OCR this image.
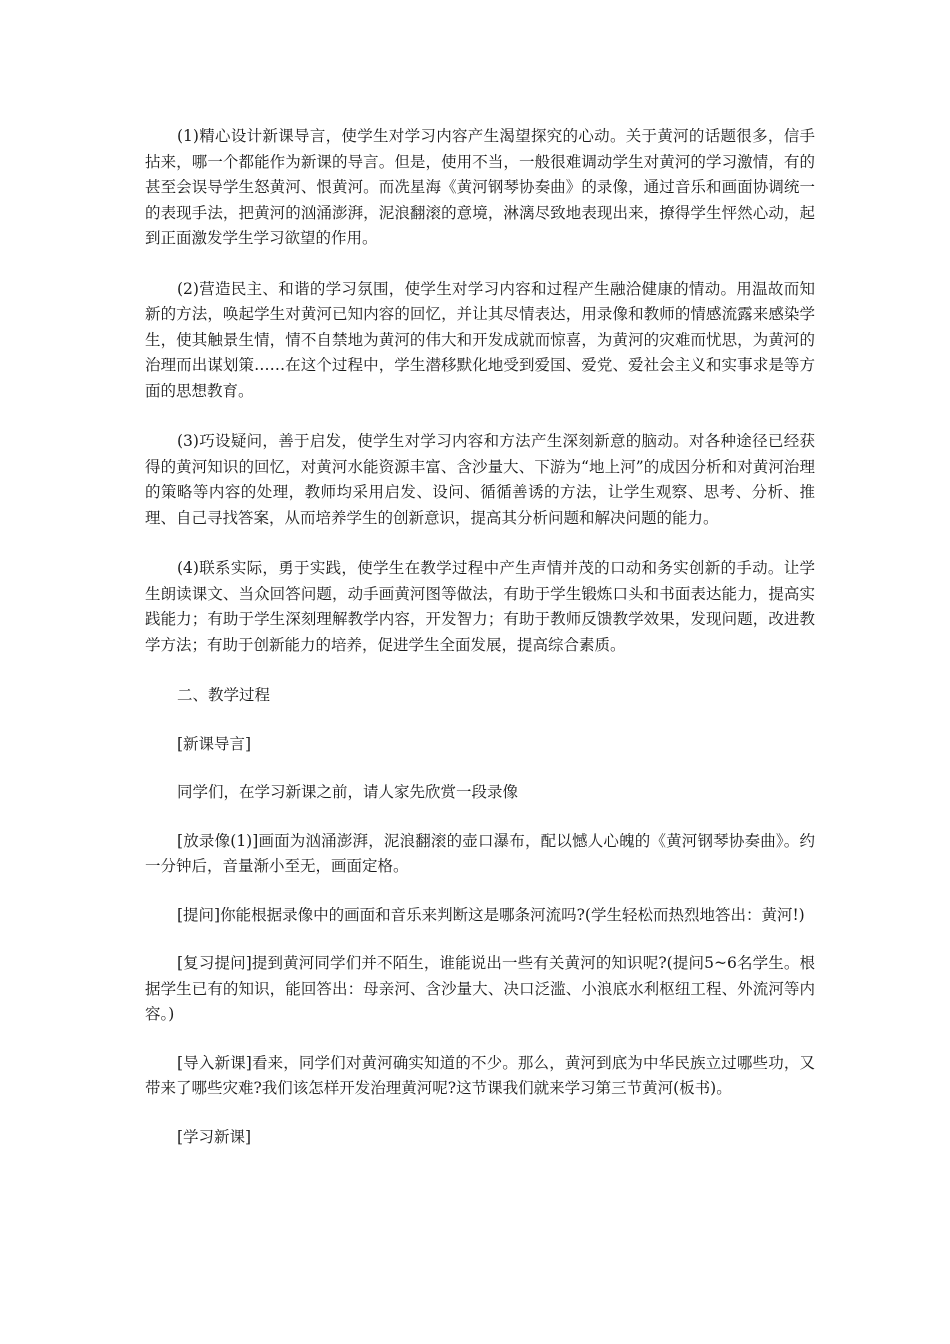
(1)精心设计新课导言，使学生对学习内容产生渴望探究的心动。关于黄河的话题很多，信手拈来，哪一个都能作为新课的导言。但是，使用不当，一般很难调动学生对黄河的学习激情，有的甚至会误导学生怒黄河、恨黄河。而冼星海《黄河钢琴协奏曲》的录像，通过音乐和画面协调统一的表现手法，把黄河的汹涌澎湃，泥浪翻滚的意境，淋漓尽致地表现出来，撩得学生怦然心动，起到正面激发学生学习欲望的作用。

(2)营造民主、和谐的学习氛围，使学生对学习内容和过程产生融洽健康的情动。用温故而知新的方法，唤起学生对黄河已知内容的回忆，并让其尽情表达，用录像和教师的情感流露来感染学生，使其触景生情，情不自禁地为黄河的伟大和开发成就而惊喜，为黄河的灾难而忧思，为黄河的治理而出谋划策……在这个过程中，学生潜移默化地受到爱国、爱党、爱社会主义和实事求是等方面的思想教育。

(3)巧设疑问，善于启发，使学生对学习内容和方法产生深刻新意的脑动。对各种途径已经获得的黄河知识的回忆，对黄河水能资源丰富、含沙量大、下游为“地上河”的成因分析和对黄河治理的策略等内容的处理，教师均采用启发、设问、循循善诱的方法，让学生观察、思考、分析、推理、自己寻找答案，从而培养学生的创新意识，提高其分析问题和解决问题的能力。

(4)联系实际，勇于实践，使学生在教学过程中产生声情并茂的口动和务实创新的手动。让学生朗读课文、当众回答问题，动手画黄河图等做法，有助于学生锻炼口头和书面表达能力，提高实践能力；有助于学生深刻理解教学内容，开发智力；有助于教师反馈教学效果，发现问题，改进教学方法；有助于创新能力的培养，促进学生全面发展，提高综合素质。

二、教学过程

[新课导言]

同学们，在学习新课之前，请人家先欣赏一段录像

[放录像(1)]画面为汹涌澎湃，泥浪翻滚的壶口瀑布，配以憾人心魄的《黄河钢琴协奏曲》。约一分钟后，音量渐小至无，画面定格。

[提问]你能根据录像中的画面和音乐来判断这是哪条河流吗?(学生轻松而热烈地答出：黄河!)

[复习提问]提到黄河同学们并不陌生，谁能说出一些有关黄河的知识呢?(提问5~6名学生。根据学生已有的知识，能回答出：母亲河、含沙量大、决口泛滥、小浪底水利枢纽工程、外流河等内容。)

[导入新课]看来，同学们对黄河确实知道的不少。那么，黄河到底为中华民族立过哪些功，又带来了哪些灾难?我们该怎样开发治理黄河呢?这节课我们就来学习第三节黄河(板书)。

[学习新课]
